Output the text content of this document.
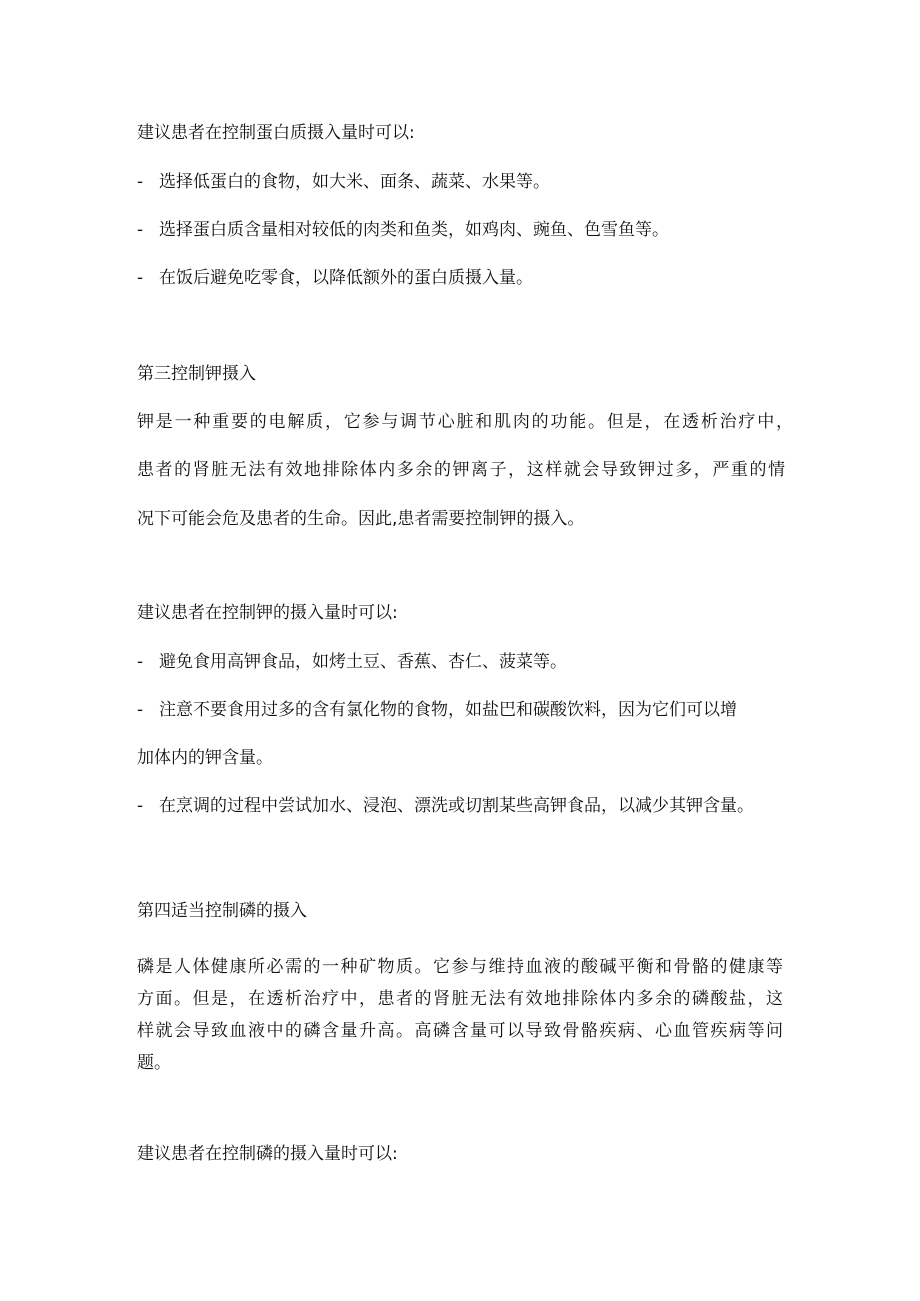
建议患者在控制蛋白质摄入量时可以:
- 选择低蛋白的食物，如大米、面条、蔬菜、水果等。
- 选择蛋白质含量相对较低的肉类和鱼类，如鸡肉、豌鱼、色雪鱼等。
- 在饭后避免吃零食，以降低额外的蛋白质摄入量。
第三控制钾摄入
钾是一种重要的电解质，它参与调节心脏和肌肉的功能。但是，在透析治疗中，
患者的肾脏无法有效地排除体内多余的钾离子，这样就会导致钾过多，严重的情
况下可能会危及患者的生命。因此,患者需要控制钾的摄入。
建议患者在控制钾的摄入量时可以:
- 避免食用高钾食品，如烤土豆、香蕉、杏仁、菠菜等。
- 注意不要食用过多的含有氯化物的食物，如盐巴和碳酸饮料，因为它们可以增
加体内的钾含量。
- 在烹调的过程中尝试加水、浸泡、漂洗或切割某些高钾食品，以减少其钾含量。
第四适当控制磷的摄入
磷是人体健康所必需的一种矿物质。它参与维持血液的酸碱平衡和骨骼的健康等
方面。但是，在透析治疗中，患者的肾脏无法有效地排除体内多余的磷酸盐，这
样就会导致血液中的磷含量升高。高磷含量可以导致骨骼疾病、心血管疾病等问
题。
建议患者在控制磷的摄入量时可以:
